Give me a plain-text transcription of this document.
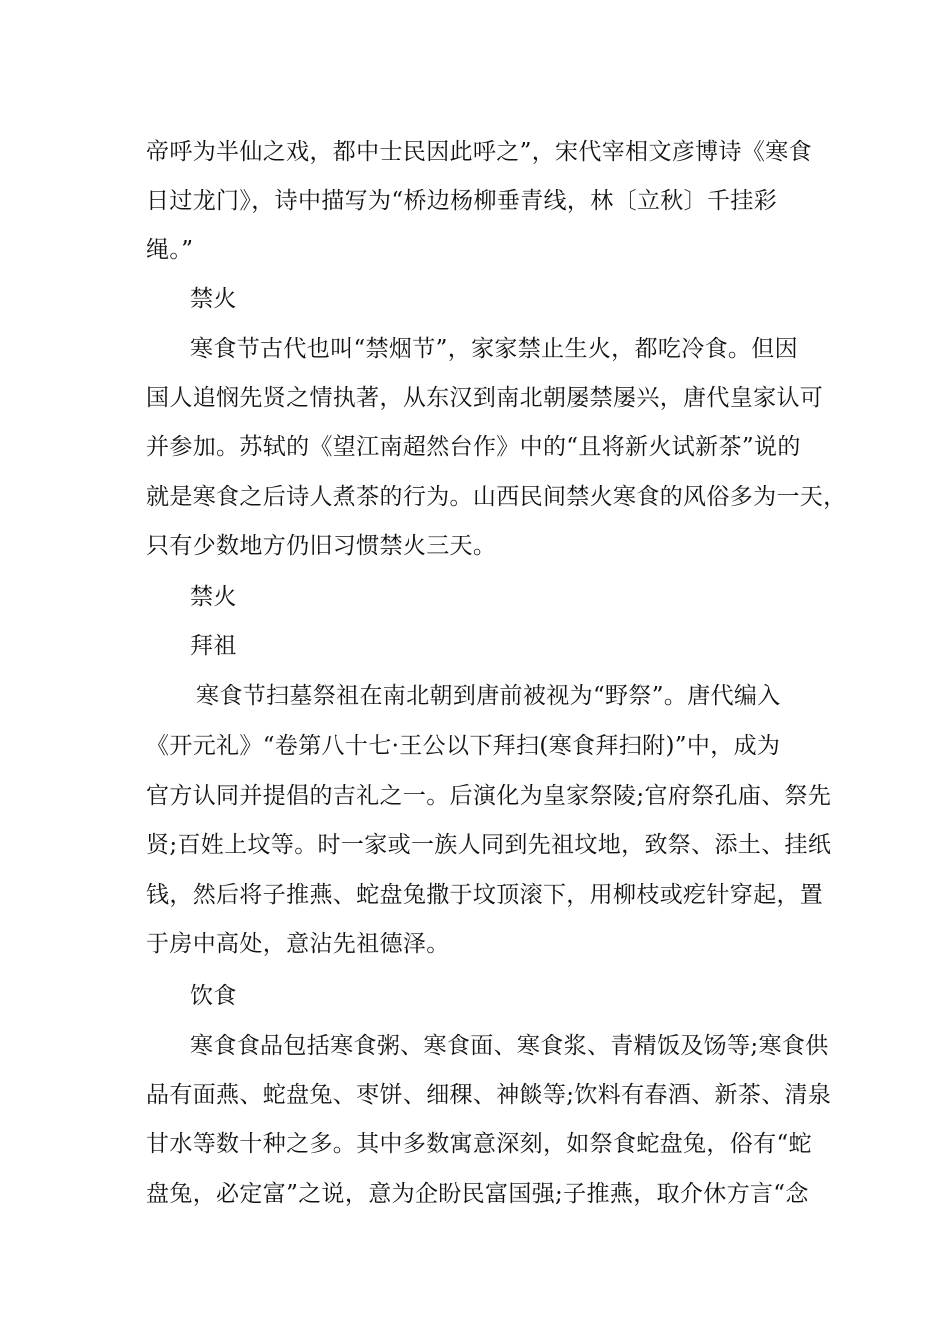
帝呼为半仙之戏，都中士民因此呼之”，宋代宰相文彦博诗《寒食
日过龙门》，诗中描写为“桥边杨柳垂青线，林〔立秋〕千挂彩
绳。”
禁火
寒食节古代也叫“禁烟节”，家家禁止生火，都吃冷食。但因
国人追悯先贤之情执著，从东汉到南北朝屡禁屡兴，唐代皇家认可
并参加。苏轼的《望江南超然台作》中的“且将新火试新茶”说的
就是寒食之后诗人煮茶的行为。山西民间禁火寒食的风俗多为一天，
只有少数地方仍旧习惯禁火三天。
禁火
拜祖
寒食节扫墓祭祖在南北朝到唐前被视为“野祭”。唐代编入
《开元礼》“卷第八十七·王公以下拜扫(寒食拜扫附)”中，成为
官方认同并提倡的吉礼之一。后演化为皇家祭陵;官府祭孔庙、祭先
贤;百姓上坟等。时一家或一族人同到先祖坟地，致祭、添土、挂纸
钱，然后将子推燕、蛇盘兔撒于坟顶滚下，用柳枝或疙针穿起，置
于房中高处，意沾先祖德泽。
饮食
寒食食品包括寒食粥、寒食面、寒食浆、青精饭及饧等;寒食供
品有面燕、蛇盘兔、枣饼、细稞、神餤等;饮料有春酒、新茶、清泉
甘水等数十种之多。其中多数寓意深刻，如祭食蛇盘兔，俗有“蛇
盘兔，必定富”之说，意为企盼民富国强;子推燕，取介休方言“念
